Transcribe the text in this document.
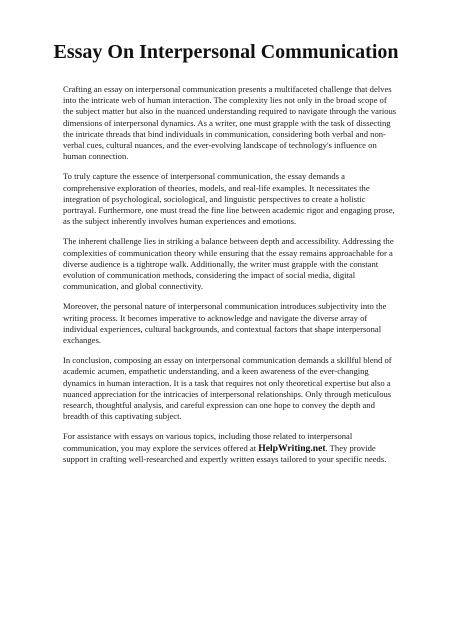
Essay On Interpersonal Communication

Crafting an essay on interpersonal communication presents a multifaceted challenge that delves into the intricate web of human interaction. The complexity lies not only in the broad scope of the subject matter but also in the nuanced understanding required to navigate through the various dimensions of interpersonal dynamics. As a writer, one must grapple with the task of dissecting the intricate threads that bind individuals in communication, considering both verbal and non-verbal cues, cultural nuances, and the ever-evolving landscape of technology's influence on human connection.

To truly capture the essence of interpersonal communication, the essay demands a comprehensive exploration of theories, models, and real-life examples. It necessitates the integration of psychological, sociological, and linguistic perspectives to create a holistic portrayal. Furthermore, one must tread the fine line between academic rigor and engaging prose, as the subject inherently involves human experiences and emotions.

The inherent challenge lies in striking a balance between depth and accessibility. Addressing the complexities of communication theory while ensuring that the essay remains approachable for a diverse audience is a tightrope walk. Additionally, the writer must grapple with the constant evolution of communication methods, considering the impact of social media, digital communication, and global connectivity.

Moreover, the personal nature of interpersonal communication introduces subjectivity into the writing process. It becomes imperative to acknowledge and navigate the diverse array of individual experiences, cultural backgrounds, and contextual factors that shape interpersonal exchanges.

In conclusion, composing an essay on interpersonal communication demands a skillful blend of academic acumen, empathetic understanding, and a keen awareness of the ever-changing dynamics in human interaction. It is a task that requires not only theoretical expertise but also a nuanced appreciation for the intricacies of interpersonal relationships. Only through meticulous research, thoughtful analysis, and careful expression can one hope to convey the depth and breadth of this captivating subject.

For assistance with essays on various topics, including those related to interpersonal communication, you may explore the services offered at HelpWriting.net. They provide support in crafting well-researched and expertly written essays tailored to your specific needs.
